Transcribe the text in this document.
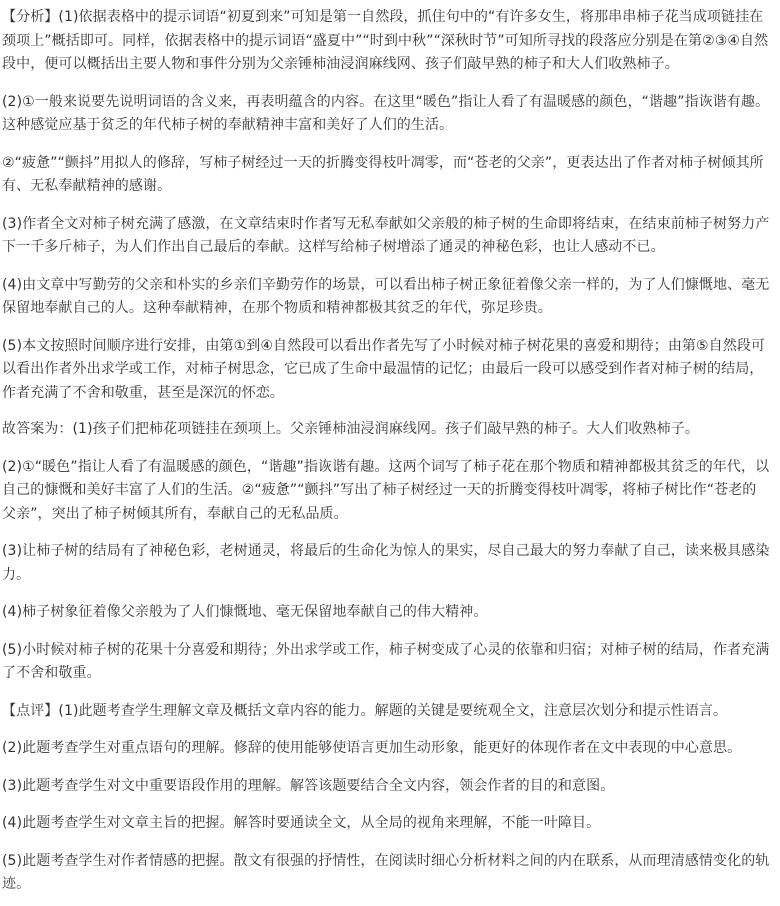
【分析】(1)依据表格中的提示词语“初夏到来”可知是第一自然段，抓住句中的“有许多女生，将那串串柿子花当成项链挂在颈项上”概括即可。同样，依据表格中的提示词语“盛夏中”“时到中秋”“深秋时节”可知所寻找的段落应分别是在第②③④自然段中，便可以概括出主要人物和事件分别为父亲锤柿油浸润麻线网、孩子们敲早熟的柿子和大人们收熟柿子。

(2)①一般来说要先说明词语的含义来，再表明蕴含的内容。在这里“暖色”指让人看了有温暖感的颜色，“谐趣”指诙谐有趣。这种感觉应基于贫乏的年代柿子树的奉献精神丰富和美好了人们的生活。

②“疲惫”“颤抖”用拟人的修辞，写柿子树经过一天的折腾变得枝叶凋零，而“苍老的父亲”，更表达出了作者对柿子树倾其所有、无私奉献精神的感谢。

(3)作者全文对柿子树充满了感激，在文章结束时作者写无私奉献如父亲般的柿子树的生命即将结束，在结束前柿子树努力产下一千多斤柿子，为人们作出自己最后的奉献。这样写给柿子树增添了通灵的神秘色彩，也让人感动不已。

(4)由文章中写勤劳的父亲和朴实的乡亲们辛勤劳作的场景，可以看出柿子树正象征着像父亲一样的，为了人们慷慨地、毫无保留地奉献自己的人。这种奉献精神，在那个物质和精神都极其贫乏的年代，弥足珍贵。

(5)本文按照时间顺序进行安排，由第①到④自然段可以看出作者先写了小时候对柿子树花果的喜爱和期待；由第⑤自然段可以看出作者外出求学或工作，对柿子树思念，它已成了生命中最温情的记忆；由最后一段可以感受到作者对柿子树的结局，作者充满了不舍和敬重，甚至是深沉的怀恋。

故答案为：(1)孩子们把柿花项链挂在颈项上。父亲锤柿油浸润麻线网。孩子们敲早熟的柿子。大人们收熟柿子。

(2)①“暖色”指让人看了有温暖感的颜色，“谐趣”指诙谐有趣。这两个词写了柿子花在那个物质和精神都极其贫乏的年代，以自己的慷慨和美好丰富了人们的生活。②“疲惫”“颤抖”写出了柿子树经过一天的折腾变得枝叶凋零，将柿子树比作“苍老的父亲”，突出了柿子树倾其所有，奉献自己的无私品质。

(3)让柿子树的结局有了神秘色彩，老树通灵，将最后的生命化为惊人的果实，尽自己最大的努力奉献了自己，读来极具感染力。

(4)柿子树象征着像父亲般为了人们慷慨地、毫无保留地奉献自己的伟大精神。

(5)小时候对柿子树的花果十分喜爱和期待；外出求学或工作，柿子树变成了心灵的依靠和归宿；对柿子树的结局，作者充满了不舍和敬重。

【点评】(1)此题考查学生理解文章及概括文章内容的能力。解题的关键是要统观全文，注意层次划分和提示性语言。

(2)此题考查学生对重点语句的理解。修辞的使用能够使语言更加生动形象，能更好的体现作者在文中表现的中心意思。

(3)此题考查学生对文中重要语段作用的理解。解答该题要结合全文内容，领会作者的目的和意图。

(4)此题考查学生对文章主旨的把握。解答时要通读全文，从全局的视角来理解，不能一叶障目。

(5)此题考查学生对作者情感的把握。散文有很强的抒情性，在阅读时细心分析材料之间的内在联系，从而理清感情变化的轨迹。
